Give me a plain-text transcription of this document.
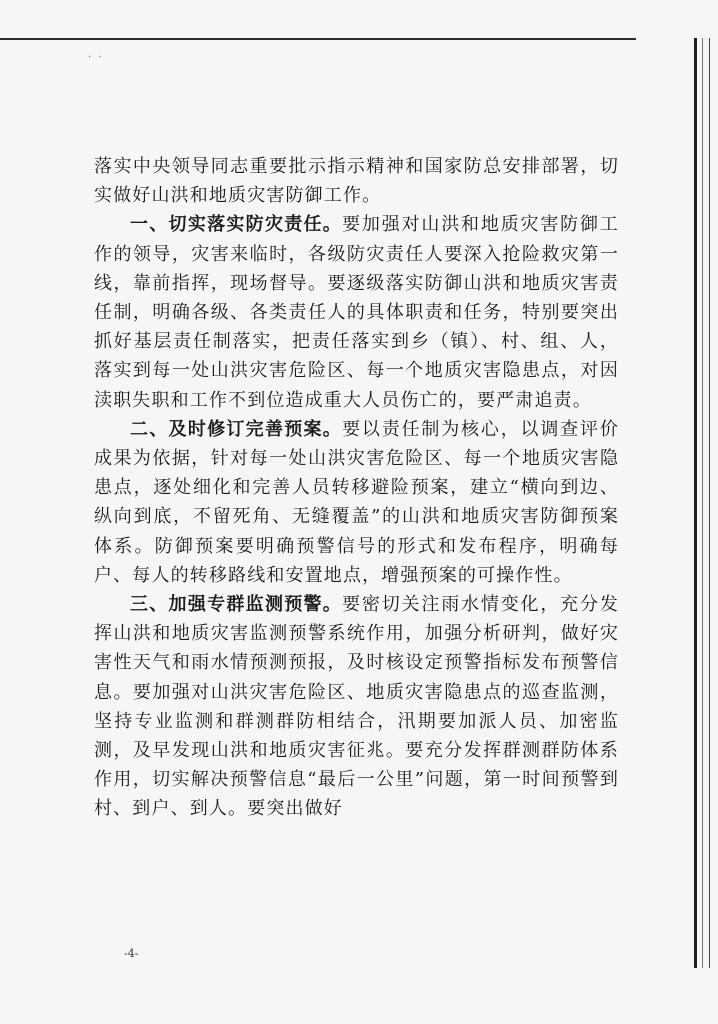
· ·

落实中央领导同志重要批示指示精神和国家防总安排部署，切实做好山洪和地质灾害防御工作。

一、切实落实防灾责任。要加强对山洪和地质灾害防御工作的领导，灾害来临时，各级防灾责任人要深入抢险救灾第一线，靠前指挥，现场督导。要逐级落实防御山洪和地质灾害责任制，明确各级、各类责任人的具体职责和任务，特别要突出抓好基层责任制落实，把责任落实到乡（镇）、村、组、人，落实到每一处山洪灾害危险区、每一个地质灾害隐患点，对因渎职失职和工作不到位造成重大人员伤亡的，要严肃追责。

二、及时修订完善预案。要以责任制为核心，以调查评价成果为依据，针对每一处山洪灾害危险区、每一个地质灾害隐患点，逐处细化和完善人员转移避险预案，建立“横向到边、纵向到底，不留死角、无缝覆盖”的山洪和地质灾害防御预案体系。防御预案要明确预警信号的形式和发布程序，明确每户、每人的转移路线和安置地点，增强预案的可操作性。

三、加强专群监测预警。要密切关注雨水情变化，充分发挥山洪和地质灾害监测预警系统作用，加强分析研判，做好灾害性天气和雨水情预测预报，及时核设定预警指标发布预警信息。要加强对山洪灾害危险区、地质灾害隐患点的巡查监测，坚持专业监测和群测群防相结合，汛期要加派人员、加密监测，及早发现山洪和地质灾害征兆。要充分发挥群测群防体系作用，切实解决预警信息“最后一公里”问题，第一时间预警到村、到户、到人。要突出做好

-4-
